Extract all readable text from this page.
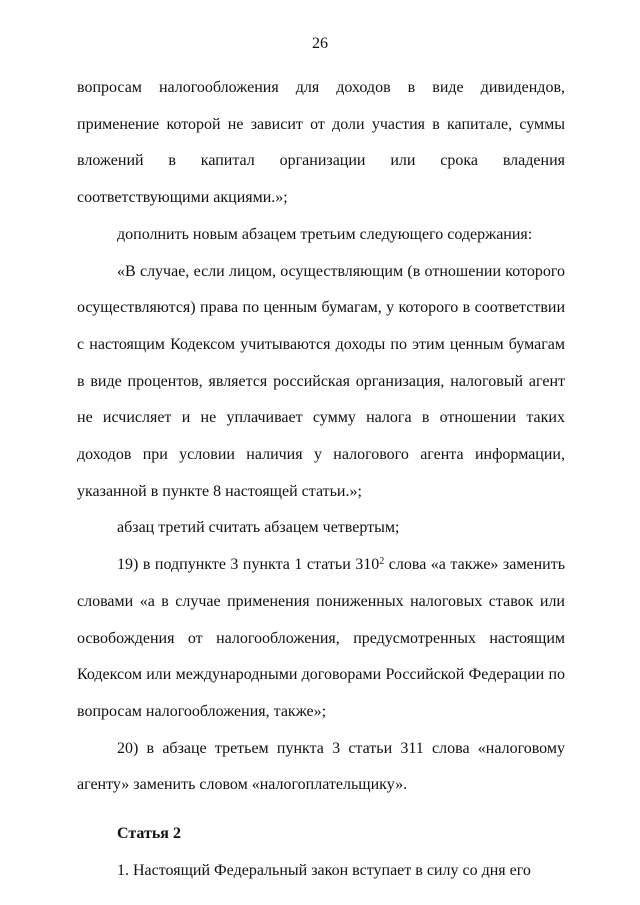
26

вопросам налогообложения для доходов в виде дивидендов, применение которой не зависит от доли участия в капитале, суммы вложений в капитал организации или срока владения соответствующими акциями.»;

дополнить новым абзацем третьим следующего содержания:

«В случае, если лицом, осуществляющим (в отношении которого осуществляются) права по ценным бумагам, у которого в соответствии с настоящим Кодексом учитываются доходы по этим ценным бумагам в виде процентов, является российская организация, налоговый агент не исчисляет и не уплачивает сумму налога в отношении таких доходов при условии наличия у налогового агента информации, указанной в пункте 8 настоящей статьи.»;

абзац третий считать абзацем четвертым;

19) в подпункте 3 пункта 1 статьи $310^2$ слова «а также» заменить словами «а в случае применения пониженных налоговых ставок или освобождения от налогообложения, предусмотренных настоящим Кодексом или международными договорами Российской Федерации по вопросам налогообложения, также»;

20) в абзаце третьем пункта 3 статьи 311 слова «налоговому агенту» заменить словом «налогоплательщику».

Статья 2

1. Настоящий Федеральный закон вступает в силу со дня его
